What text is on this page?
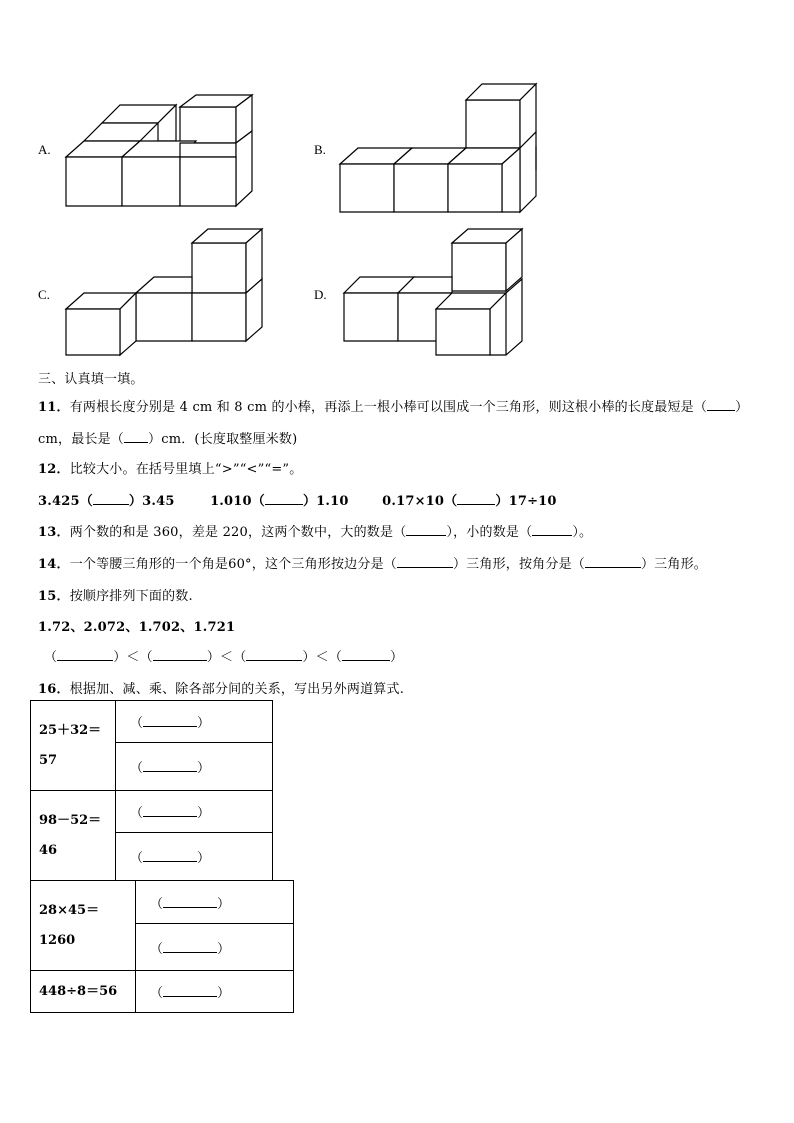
A.	B.
C.	D.
三、认真填一填。
11．有两根长度分别是 4 cm 和 8 cm 的小棒，再添上一根小棒可以围成一个三角形，则这根小棒的长度最短是（ ）
cm，最长是（ ）cm．(长度取整厘米数)
12．比较大小。在括号里填上“>”“<”“=”。
3.425（	）3.45	1.010（	）1.10	0.17×10（	）17÷10
13．两个数的和是 360，差是 220，这两个数中，大的数是（	），小的数是（	）。
14．一个等腰三角形的一个角是60°，这个三角形按边分是（	）三角形，按角分是（	）三角形。
15．按顺序排列下面的数.
1.72、2.072、1.702、1.721
（	）＜（	）＜（	）＜（	）
16．根据加、减、乘、除各部分间的关系，写出另外两道算式.
25＋32＝
57	（ ）
	（ ）

98－52＝
46	（ ）
	（ ）
28×45＝1260	（ ）
	（ ）

448÷8＝56	（ ）
